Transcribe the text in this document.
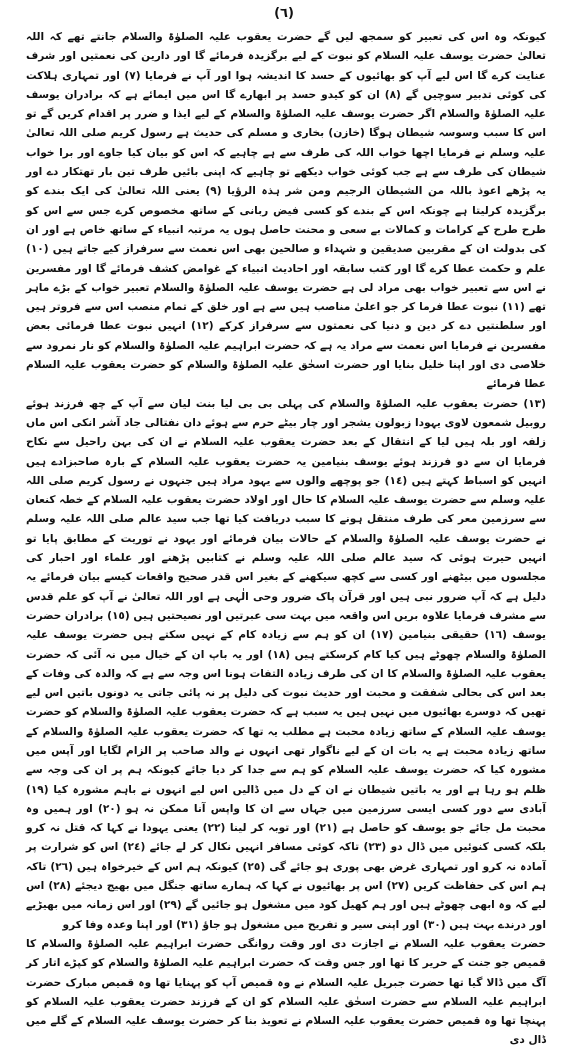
(٦)

کیونکہ وہ اس کی تعبیر کو سمجھ لیں گے حضرت یعقوب علیہ الصلوٰۃ والسلام جانتے تھے کہ اللہ تعالیٰ حضرت یوسف علیہ السلام کو نبوت کے لیے برگزیدہ فرمائے گا اور دارین کی نعمتیں اور شرف عنایت کرے گا اس لیے آپ کو بھائیوں کے حسد کا اندیشہ ہوا اور آپ نے فرمایا (٧) اور تمہاری ہلاکت کی کوئی تدبیر سوچیں گے (٨) ان کو کیدو حسد پر ابھارے گا اس میں ایمائے ہے کہ برادران یوسف علیہ الصلوٰۃ والسلام اگر حضرت یوسف علیہ الصلوٰۃ والسلام کے لیے ایذا و ضرر پر اقدام کریں گے تو اس کا سبب وسوسہ شیطان ہوگا (خازن) بخاری و مسلم کی حدیث ہے رسول کریم صلی اللہ تعالیٰ علیہ وسلم نے فرمایا اچھا خواب اللہ کی طرف سے ہے چاہیے کہ اس کو بیان کیا جاوے اور برا خواب شیطان کی طرف سے ہے جب کوئی خواب دیکھے تو چاہیے کہ اپنی بائیں طرف تین بار تھتکار دے اور یہ پڑھے اعوذ باللہ من الشیطان الرجیم ومن شر ہذہ الرؤیا (٩) یعنی اللہ تعالیٰ کی ایک بندے کو برگزیدہ کرلیتا ہے چونکہ اس کے بندے کو کسی فیض ربانی کے ساتھ مخصوص کرے جس سے اس کو طرح طرح کے کرامات و کمالات بے سعی و محنت حاصل ہوں یہ مرتبہ انبیاء کے ساتھ خاص ہے اور ان کی بدولت ان کے مقربین صدیقین و شہداء و صالحین بھی اس نعمت سے سرفراز کیے جاتے ہیں (١٠) علم و حکمت عطا کرے گا اور کتب سابقہ اور احادیث انبیاء کے غوامض کشف فرمائے گا اور مفسرین نے اس سے تعبیر خواب بھی مراد لی ہے حضرت یوسف علیہ الصلوٰۃ والسلام تعبیر خواب کے بڑے ماہر تھے (١١) نبوت عطا فرما کر جو اعلیٰ مناصب ہیں سے ہے اور خلق کے تمام منصب اس سے فروتر ہیں اور سلطنتیں دے کر دین و دنیا کی نعمتوں سے سرفراز کرکے (١٢) انہیں نبوت عطا فرمائی بعض مفسرین نے فرمایا اس نعمت سے مراد یہ ہے کہ حضرت ابراہیم علیہ الصلوٰۃ والسلام کو نار نمرود سے خلاصی دی اور اپنا خلیل بنایا اور حضرت اسحٰق علیہ الصلوٰۃ والسلام کو حضرت یعقوب علیہ السلام عطا فرمائے

(١٣) حضرت یعقوب علیہ الصلوٰۃ والسلام کی پہلی بی بی لیا بنت لیان سے آپ کے چھ فرزند ہوئے روبیل شمعون لاوی یہودا زبولون یشجر اور چار بیٹے حرم سے ہوئے دان نفتالی جاد آشر انکی اس ماں زلفہ اور بلہ ہیں لیا کے انتقال کے بعد حضرت یعقوب علیہ السلام نے ان کی بہن راحیل سے نکاح فرمایا ان سے دو فرزند ہوئے یوسف بنیامین یہ حضرت یعقوب علیہ السلام کے بارہ صاحبزادے ہیں انہیں کو اسباط کہتے ہیں (١٤) جو پوچھے والوں سے یہود مراد ہیں جنہوں نے رسول کریم صلی اللہ علیہ وسلم سے حضرت یوسف علیہ السلام کا حال اور اولاد حضرت یعقوب علیہ السلام کے خطہ کنعان سے سرزمین معر کی طرف منتقل ہونے کا سبب دریافت کیا تھا جب سید عالم صلی اللہ علیہ وسلم نے حضرت یوسف علیہ الصلوٰۃ والسلام کے حالات بیان فرمائے اور یہود نے توریت کے مطابق پایا تو انہیں حیرت ہوئی کہ سید عالم صلی اللہ علیہ وسلم نے کتابیں پڑھنے اور علماء اور احبار کی مجلسوں میں بیٹھنے اور کسی سے کچھ سیکھنے کے بغیر اس قدر صحیح واقعات کیسے بیان فرمائے یہ دلیل ہے کہ آپ ضرور نبی ہیں اور قرآن پاک ضرور وحی الٰہی ہے اور اللہ تعالیٰ نے آپ کو علم قدس سے مشرف فرمایا علاوہ بریں اس واقعہ میں بہت سی عبرتیں اور نصیحتیں ہیں (١٥) برادران حضرت یوسف (١٦) حقیقی بنیامین (١٧) ان کو ہم سے زیادہ کام کے نہیں سکتے ہیں حضرت یوسف علیہ الصلوٰۃ والسلام چھوٹے ہیں کیا کام کرسکتے ہیں (١٨) اور یہ باپ ان کے خیال میں نہ آئی کہ حضرت یعقوب علیہ الصلوٰۃ والسلام کا ان کی طرف زیادہ التفات ہونا اس وجہ سے ہے کہ والدہ کی وفات کے بعد اس کی بحالی شفقت و محبت اور حدیث نبوت کی دلیل پر نہ پائی جاتی یہ دونوں باتیں اس لیے تھیں کہ دوسرے بھائیوں میں نہیں ہیں یہ سبب ہے کہ حضرت یعقوب علیہ الصلوٰۃ والسلام کو حضرت یوسف علیہ السلام کے ساتھ زیادہ محبت ہے مطلب یہ تھا کہ حضرت یعقوب علیہ الصلوٰۃ والسلام کے ساتھ زیادہ محبت ہے یہ بات ان کے لیے ناگوار تھی انہوں نے والد صاحب پر الزام لگایا اور آپس میں مشورہ کیا کہ حضرت یوسف علیہ السلام کو ہم سے جدا کر دیا جائے کیونکہ ہم پر ان کی وجہ سے ظلم ہو رہا ہے اور یہ باتیں شیطان نے ان کے دل میں ڈالیں اس لیے انہوں نے باہم مشورہ کیا (١٩) آبادی سے دور کسی ایسی سرزمین میں جہاں سے ان کا واپس آنا ممکن نہ ہو (٢٠) اور ہمیں وہ محبت مل جائے جو یوسف کو حاصل ہے (٢١) اور توبہ کر لینا (٢٢) یعنی یہودا نے کہا کہ قتل نہ کرو بلکہ کسی کنوئیں میں ڈال دو (٢٣) تاکہ کوئی مسافر انہیں نکال کر لے جائے (٢٤) اس کو شرارت پر آمادہ نہ کرو اور تمہاری غرض بھی پوری ہو جائے گی (٢٥) کیونکہ ہم اس کے خیرخواہ ہیں (٢٦) تاکہ ہم اس کی حفاظت کریں (٢٧) اس پر بھائیوں نے کہا کہ ہمارے ساتھ جنگل میں بھیج دیجئے (٢٨) اس لیے کہ وہ ابھی چھوٹے ہیں اور ہم کھیل کود میں مشغول ہو جائیں گے (٢٩) اور اس زمانہ میں بھیڑیے اور درندے بہت ہیں (٣٠) اور اپنی سیر و تفریح میں مشغول ہو جاؤ (٣١) اور اپنا وعدہ وفا کرو

حضرت یعقوب علیہ السلام نے اجازت دی اور وقت روانگی حضرت ابراہیم علیہ الصلوٰۃ والسلام کا قمیص جو جنت کے حریر کا تھا اور جس وقت کہ حضرت ابراہیم علیہ الصلوٰۃ والسلام کو کپڑے اتار کر آگ میں ڈالا گیا تھا حضرت جبریل علیہ السلام نے وہ قمیص آپ کو پہنایا تھا وہ قمیص مبارک حضرت ابراہیم علیہ السلام سے حضرت اسحٰق علیہ السلام کو ان کے فرزند حضرت یعقوب علیہ السلام کو پہنچا تھا وہ قمیص حضرت یعقوب علیہ السلام نے تعویذ بنا کر حضرت یوسف علیہ السلام کے گلے میں ڈال دی
